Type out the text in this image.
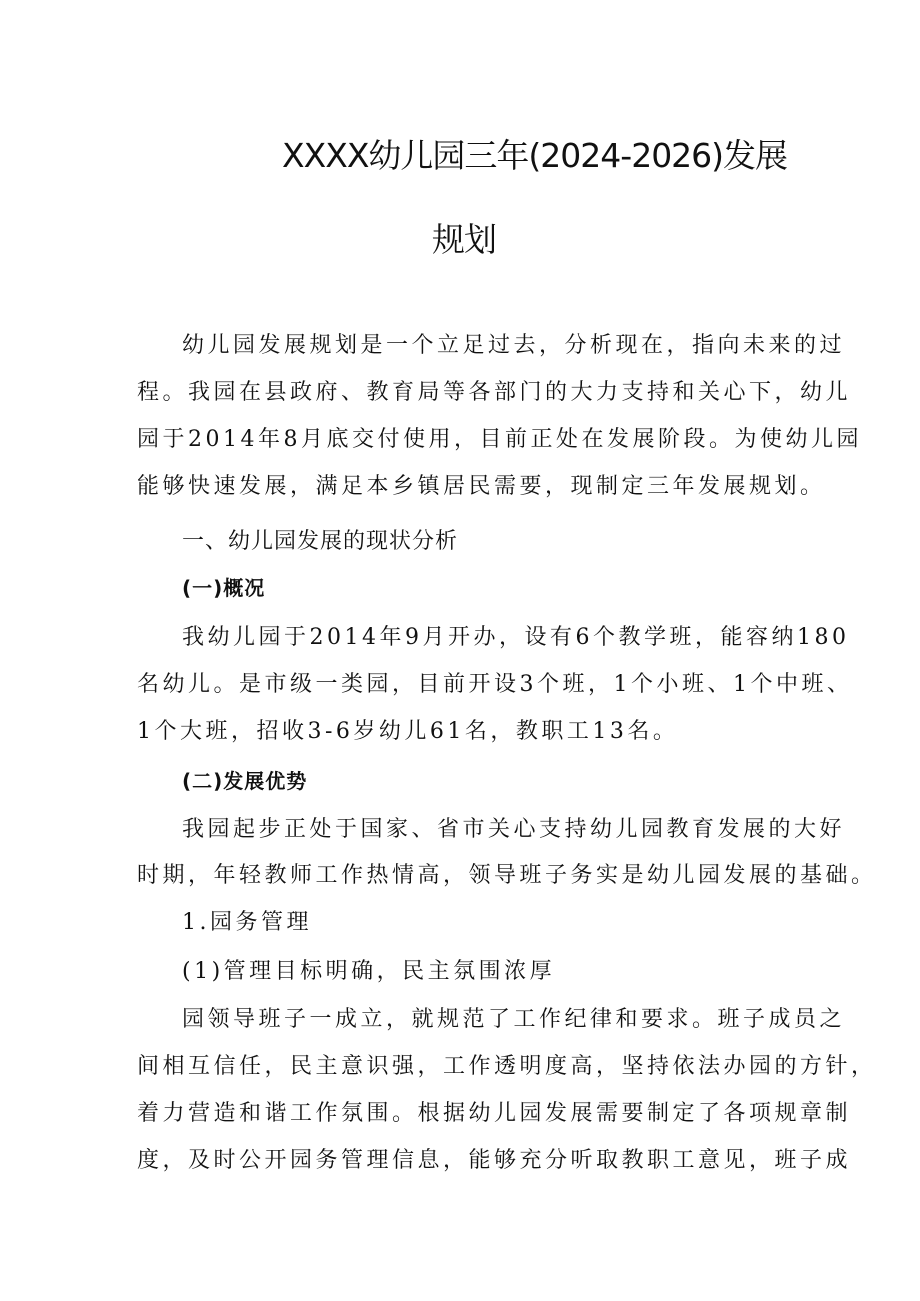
XXXX幼儿园三年(2024-2026)发展
规划
幼儿园发展规划是一个立足过去，分析现在，指向未来的过
程。我园在县政府、教育局等各部门的大力支持和关心下，幼儿
园于2014年8月底交付使用，目前正处在发展阶段。为使幼儿园
能够快速发展，满足本乡镇居民需要，现制定三年发展规划。
一、幼儿园发展的现状分析
(一)概况
我幼儿园于2014年9月开办，设有6个教学班，能容纳180
名幼儿。是市级一类园，目前开设3个班，1个小班、1个中班、
1个大班，招收3-6岁幼儿61名，教职工13名。
(二)发展优势
我园起步正处于国家、省市关心支持幼儿园教育发展的大好
时期，年轻教师工作热情高，领导班子务实是幼儿园发展的基础。
1.园务管理
(1)管理目标明确，民主氛围浓厚
园领导班子一成立，就规范了工作纪律和要求。班子成员之
间相互信任，民主意识强，工作透明度高，坚持依法办园的方针，
着力营造和谐工作氛围。根据幼儿园发展需要制定了各项规章制
度，及时公开园务管理信息，能够充分听取教职工意见，班子成
